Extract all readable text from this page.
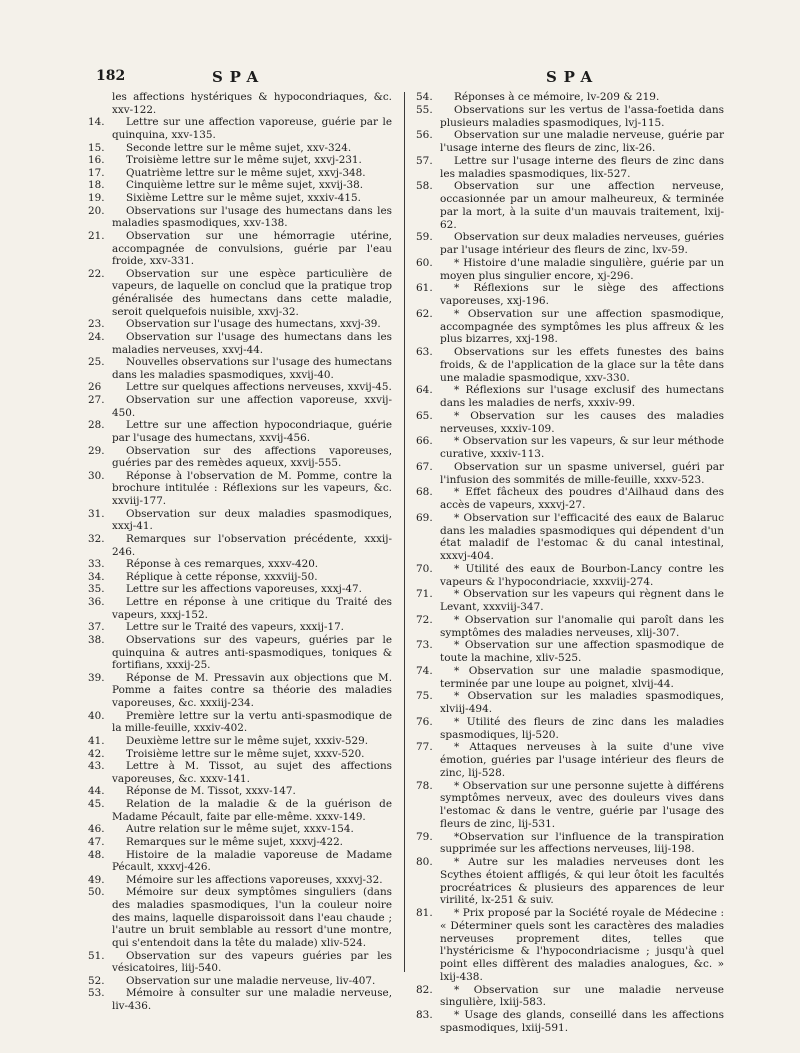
182	SPA	SPA

les affections hystériques & hypocondriaques, &c. xxv-122.

14.	Lettre sur une affection vaporeuse, guérie par le quinquina, xxv-135.

15.	Seconde lettre sur le même sujet, xxv-324.

16.	Troisième lettre sur le même sujet, xxvj-231.

17.	Quatrième lettre sur le même sujet, xxvj-348.

18.	Cinquième lettre sur le même sujet, xxvij-38.

19.	Sixième Lettre sur le même sujet, xxxiv-415.

20.	Observations sur l'usage des humectans dans les maladies spasmodiques, xxv-138.

21.	Observation sur une hémorragie utérine, accompagnée de convulsions, guérie par l'eau froide, xxv-331.

22.	Observation sur une espèce particulière de vapeurs, de laquelle on conclud que la pratique trop généralisée des humectans dans cette maladie, seroit quelquefois nuisible, xxvj-32.

23.	Observation sur l'usage des humectans, xxvj-39.

24.	Observation sur l'usage des humectans dans les maladies nerveuses, xxvj-44.

25.	Nouvelles observations sur l'usage des humectans dans les maladies spasmodiques, xxvij-40.

26	Lettre sur quelques affections nerveuses, xxvij-45.

27.	Observation sur une affection vaporeuse, xxvij-450.

28.	Lettre sur une affection hypocondriaque, guérie par l'usage des humectans, xxvij-456.

29.	Observation sur des affections vaporeuses, guéries par des remèdes aqueux, xxvij-555.

30.	Réponse à l'observation de M. Pomme, contre la brochure intitulée : Réflexions sur les vapeurs, &c. xxviij-177.

31.	Observation sur deux maladies spasmodiques, xxxj-41.

32.	Remarques sur l'observation précédente, xxxij-246.

33.	Réponse à ces remarques, xxxv-420.

34.	Réplique à cette réponse, xxxviij-50.

35.	Lettre sur les affections vaporeuses, xxxj-47.

36.	Lettre en réponse à une critique du Traité des vapeurs, xxxj-152.

37.	Lettre sur le Traité des vapeurs, xxxij-17.

38.	Observations sur des vapeurs, guéries par le quinquina & autres anti-spasmodiques, toniques & fortifians, xxxij-25.

39.	Réponse de M. Pressavin aux objections que M. Pomme a faites contre sa théorie des maladies vaporeuses, &c. xxxiij-234.

40.	Première lettre sur la vertu anti-spasmodique de la mille-feuille, xxxiv-402.

41.	Deuxième lettre sur le même sujet, xxxiv-529.

42.	Troisième lettre sur le même sujet, xxxv-520.

43.	Lettre à M. Tissot, au sujet des affections vaporeuses, &c. xxxv-141.

44.	Réponse de M. Tissot, xxxv-147.

45.	Relation de la maladie & de la guérison de Madame Pécault, faite par elle-même. xxxv-149.

46.	Autre relation sur le même sujet, xxxv-154.

47.	Remarques sur le même sujet, xxxvj-422.

48.	Histoire de la maladie vaporeuse de Madame Pécault, xxxvj-426.

49.	Mémoire sur les affections vaporeuses, xxxvj-32.

50.	Mémoire sur deux symptômes singuliers (dans des maladies spasmodiques, l'un la couleur noire des mains, laquelle disparoissoit dans l'eau chaude ; l'autre un bruit semblable au ressort d'une montre, qui s'entendoit dans la tête du malade) xliv-524.

51.	Observation sur des vapeurs guéries par les vésicatoires, liij-540.

52.	Observation sur une maladie nerveuse, liv-407.

53.	Mémoire à consulter sur une maladie nerveuse, liv-436.

54.	Réponses à ce mémoire, lv-209 & 219.

55.	Observations sur les vertus de l'assa-foetida dans plusieurs maladies spasmodiques, lvj-115.

56.	Observation sur une maladie nerveuse, guérie par l'usage interne des fleurs de zinc, lix-26.

57.	Lettre sur l'usage interne des fleurs de zinc dans les maladies spasmodiques, lix-527.

58.	Observation sur une affection nerveuse, occasionnée par un amour malheureux, & terminée par la mort, à la suite d'un mauvais traitement, lxij-62.

59.	Observation sur deux maladies nerveuses, guéries par l'usage intérieur des fleurs de zinc, lxv-59.

60.	* Histoire d'une maladie singulière, guérie par un moyen plus singulier encore, xj-296.

61.	* Réflexions sur le siège des affections vaporeuses, xxj-196.

62.	* Observation sur une affection spasmodique, accompagnée des symptômes les plus affreux & les plus bizarres, xxj-198.

63.	Observations sur les effets funestes des bains froids, & de l'application de la glace sur la tête dans une maladie spasmodique, xxv-330.

64.	* Réflexions sur l'usage exclusif des humectans dans les maladies de nerfs, xxxiv-99.

65.	* Observation sur les causes des maladies nerveuses, xxxiv-109.

66.	* Observation sur les vapeurs, & sur leur méthode curative, xxxiv-113.

67.	Observation sur un spasme universel, guéri par l'infusion des sommités de mille-feuille, xxxv-523.

68.	* Effet fâcheux des poudres d'Ailhaud dans des accès de vapeurs, xxxvj-27.

69.	* Observation sur l'efficacité des eaux de Balaruc dans les maladies spasmodiques qui dépendent d'un état maladif de l'estomac & du canal intestinal, xxxvj-404.

70.	* Utilité des eaux de Bourbon-Lancy contre les vapeurs & l'hypocondriacie, xxxviij-274.

71.	* Observation sur les vapeurs qui règnent dans le Levant, xxxviij-347.

72.	* Observation sur l'anomalie qui paroît dans les symptômes des maladies nerveuses, xlij-307.

73.	* Observation sur une affection spasmodique de toute la machine, xliv-525.

74.	* Observation sur une maladie spasmodique, terminée par une loupe au poignet, xlvij-44.

75.	* Observation sur les maladies spasmodiques, xlviij-494.

76.	* Utilité des fleurs de zinc dans les maladies spasmodiques, lij-520.

77.	* Attaques nerveuses à la suite d'une vive émotion, guéries par l'usage intérieur des fleurs de zinc, lij-528.

78.	* Observation sur une personne sujette à différens symptômes nerveux, avec des douleurs vives dans l'estomac & dans le ventre, guérie par l'usage des fleurs de zinc, lij-531.

79.	*Observation sur l'influence de la transpiration supprimée sur les affections nerveuses, liij-198.

80.	* Autre sur les maladies nerveuses dont les Scythes étoient affligés, & qui leur ôtoit les facultés procréatrices & plusieurs des apparences de leur virilité, lx-251 & suiv.

81.	* Prix proposé par la Société royale de Médecine : « Déterminer quels sont les caractères des maladies nerveuses proprement dites, telles que l'hystéricisme & l'hypocondriacisme ; jusqu'à quel point elles diffèrent des maladies analogues, &c. » lxij-438.

82.	* Observation sur une maladie nerveuse singulière, lxiij-583.

83.	* Usage des glands, conseillé dans les affections spasmodiques, lxiij-591.
